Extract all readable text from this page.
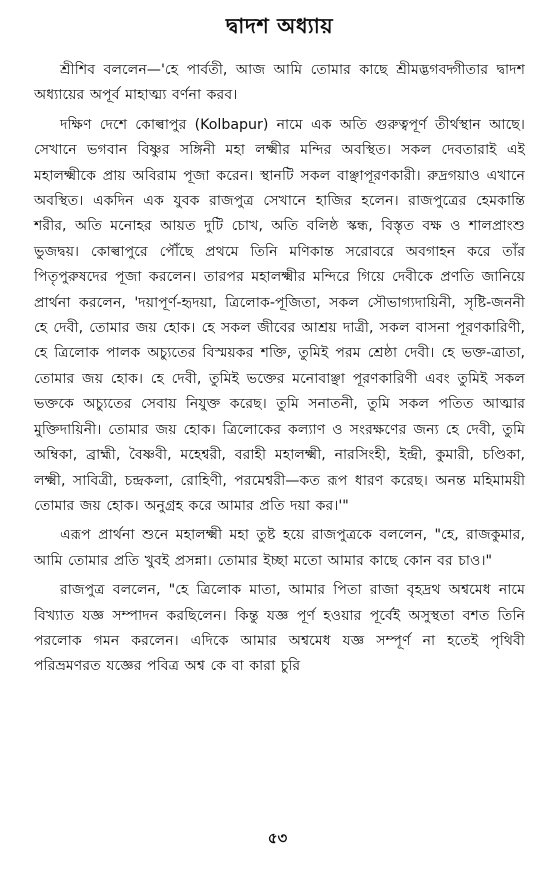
দ্বাদশ অধ্যায়

শ্রীশিব বললেন—'হে পার্বতী, আজ আমি তোমার কাছে শ্রীমদ্ভগবদ্গীতার দ্বাদশ অধ্যায়ের অপূর্ব মাহাত্ম্য বর্ণনা করব।

দক্ষিণ দেশে কোল্বাপুর (Kolbapur) নামে এক অতি গুরুত্বপূর্ণ তীর্থস্থান আছে। সেখানে ভগবান বিষ্ণুর সঙ্গিনী মহা লক্ষ্মীর মন্দির অবস্থিত। সকল দেবতারাই এই মহালক্ষ্মীকে প্রায় অবিরাম পূজা করেন। স্থানটি সকল বাঞ্ছাপূরণকারী। রুদ্রগয়াও এখানে অবস্থিত। একদিন এক যুবক রাজপুত্র সেখানে হাজির হলেন। রাজপুত্রের হেমকান্তি শরীর, অতি মনোহর আয়ত দুটি চোখ, অতি বলিষ্ঠ স্কন্ধ, বিস্তৃত বক্ষ ও শালপ্রাংশু ভুজদ্বয়। কোল্বাপুরে পৌঁছে প্রথমে তিনি মণিকান্ত সরোবরে অবগাহন করে তাঁর পিতৃপুরুষদের পূজা করলেন। তারপর মহালক্ষ্মীর মন্দিরে গিয়ে দেবীকে প্রণতি জানিয়ে প্রার্থনা করলেন, 'দয়াপূর্ণ-হৃদয়া, ত্রিলোক-পূজিতা, সকল সৌভাগ্যদায়িনী, সৃষ্টি-জননী হে দেবী, তোমার জয় হোক। হে সকল জীবের আশ্রয় দাত্রী, সকল বাসনা পূরণকারিণী, হে ত্রিলোক পালক অচ্যুতের বিস্ময়কর শক্তি, তুমিই পরম শ্রেষ্ঠা দেবী। হে ভক্ত-ত্রাতা, তোমার জয় হোক। হে দেবী, তুমিই ভক্তের মনোবাঞ্ছা পূরণকারিণী এবং তুমিই সকল ভক্তকে অচ্যুতের সেবায় নিযুক্ত করেছ। তুমি সনাতনী, তুমি সকল পতিত আত্মার মুক্তিদায়িনী। তোমার জয় হোক। ত্রিলোকের কল্যাণ ও সংরক্ষণের জন্য হে দেবী, তুমি অম্বিকা, ব্রাহ্মী, বৈষ্ণবী, মহেশ্বরী, বরাহী মহালক্ষ্মী, নারসিংহী, ইন্দ্রী, কুমারী, চণ্ডিকা, লক্ষ্মী, সাবিত্রী, চন্দ্রকলা, রোহিণী, পরমেশ্বরী—কত রূপ ধারণ করেছ। অনন্ত মহিমাময়ী তোমার জয় হোক। অনুগ্রহ করে আমার প্রতি দয়া কর।'"

এরূপ প্রার্থনা শুনে মহালক্ষ্মী মহা তুষ্ট হয়ে রাজপুত্রকে বললেন, "হে, রাজকুমার, আমি তোমার প্রতি খুবই প্রসন্না। তোমার ইচ্ছা মতো আমার কাছে কোন বর চাও।"

রাজপুত্র বললেন, "হে ত্রিলোক মাতা, আমার পিতা রাজা বৃহদ্রথ অশ্বমেধ নামে বিখ্যাত যজ্ঞ সম্পাদন করছিলেন। কিন্তু যজ্ঞ পূর্ণ হওয়ার পূর্বেই অসুস্থতা বশত তিনি পরলোক গমন করলেন। এদিকে আমার অশ্বমেধ যজ্ঞ সম্পূর্ণ না হতেই পৃথিবী পরিভ্রমণরত যজ্ঞের পবিত্র অশ্ব কে বা কারা চুরি

৫৩
